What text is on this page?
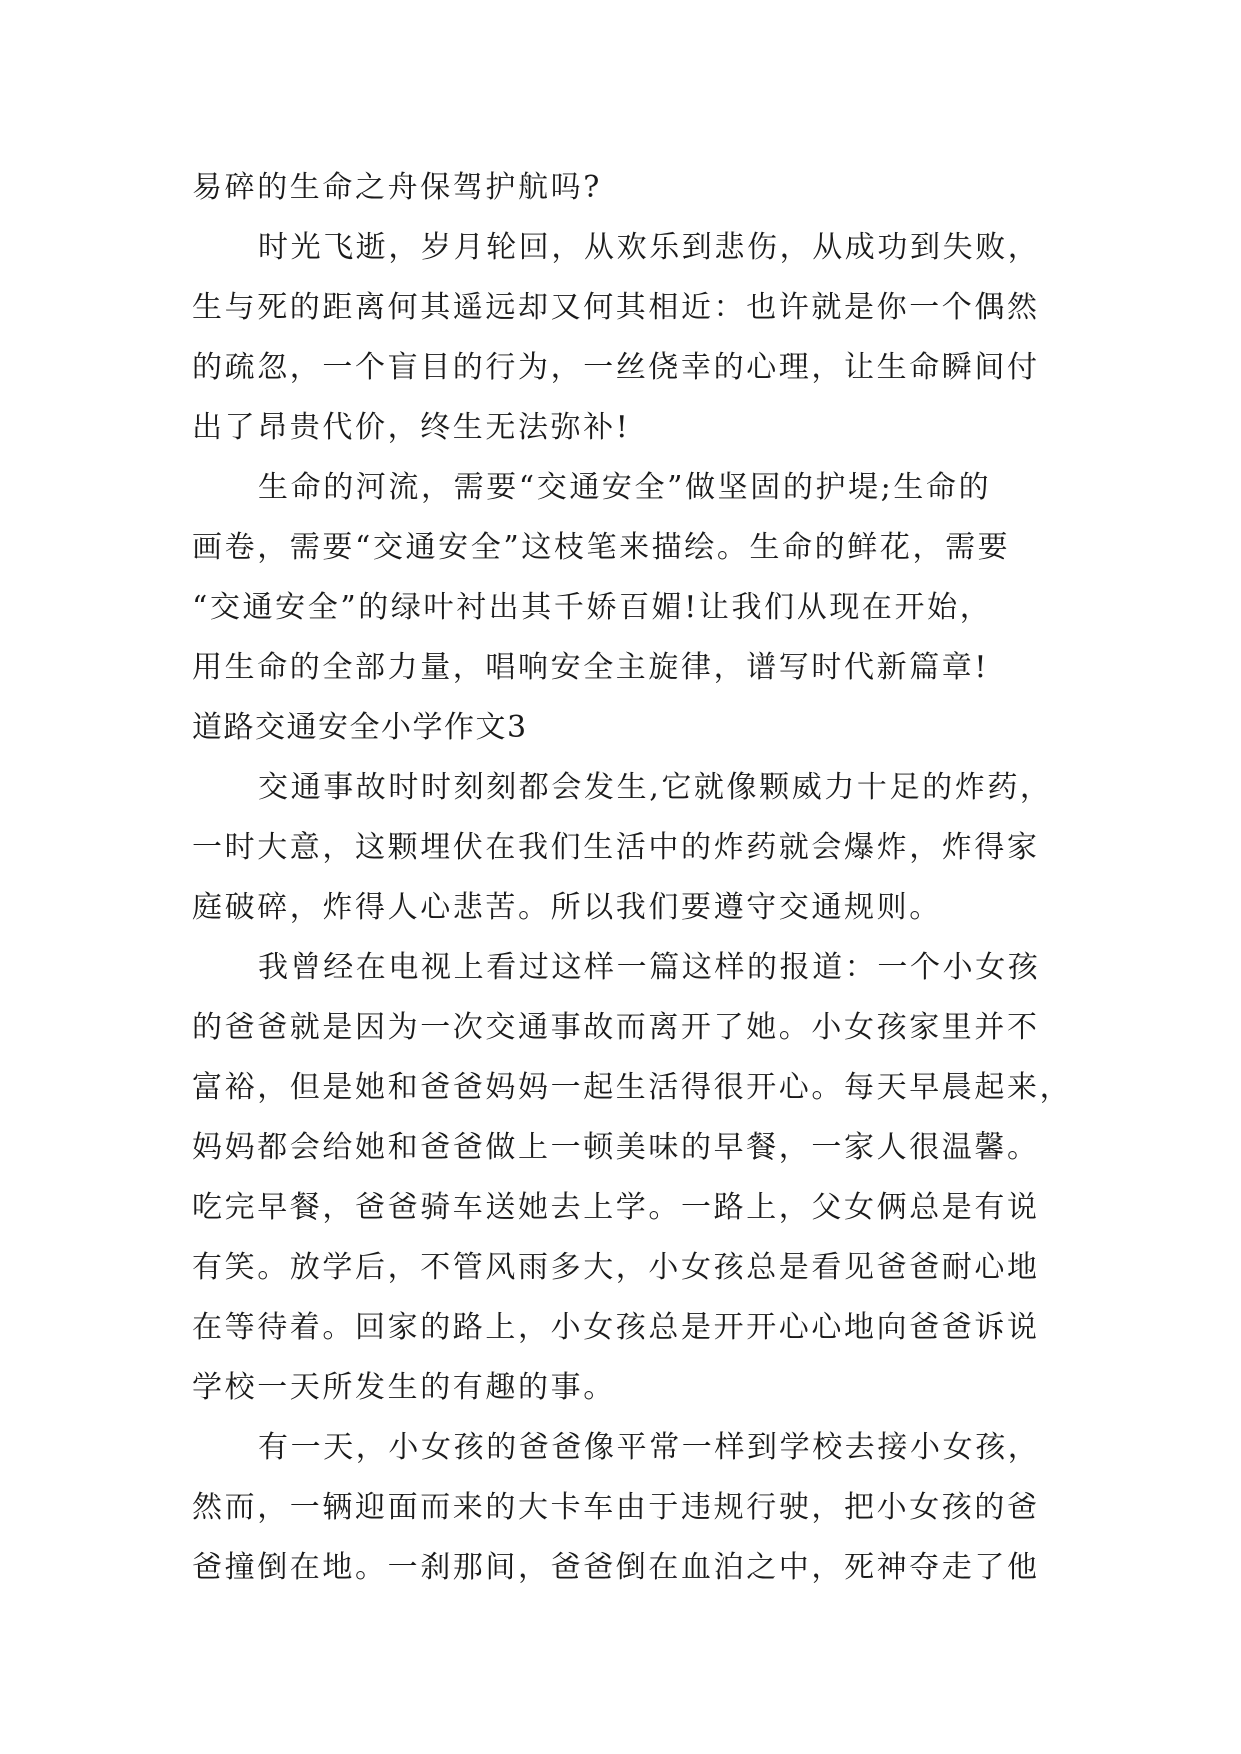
易碎的生命之舟保驾护航吗?
时光飞逝，岁月轮回，从欢乐到悲伤，从成功到失败，
生与死的距离何其遥远却又何其相近：也许就是你一个偶然
的疏忽，一个盲目的行为，一丝侥幸的心理，让生命瞬间付
出了昂贵代价，终生无法弥补!
生命的河流，需要“交通安全”做坚固的护堤;生命的
画卷，需要“交通安全”这枝笔来描绘。生命的鲜花，需要
“交通安全”的绿叶衬出其千娇百媚!让我们从现在开始，
用生命的全部力量，唱响安全主旋律，谱写时代新篇章!
道路交通安全小学作文3
交通事故时时刻刻都会发生,它就像颗威力十足的炸药，
一时大意，这颗埋伏在我们生活中的炸药就会爆炸，炸得家
庭破碎，炸得人心悲苦。所以我们要遵守交通规则。
我曾经在电视上看过这样一篇这样的报道：一个小女孩
的爸爸就是因为一次交通事故而离开了她。小女孩家里并不
富裕，但是她和爸爸妈妈一起生活得很开心。每天早晨起来，
妈妈都会给她和爸爸做上一顿美味的早餐，一家人很温馨。
吃完早餐，爸爸骑车送她去上学。一路上，父女俩总是有说
有笑。放学后，不管风雨多大，小女孩总是看见爸爸耐心地
在等待着。回家的路上，小女孩总是开开心心地向爸爸诉说
学校一天所发生的有趣的事。
有一天，小女孩的爸爸像平常一样到学校去接小女孩，
然而，一辆迎面而来的大卡车由于违规行驶，把小女孩的爸
爸撞倒在地。一刹那间，爸爸倒在血泊之中，死神夺走了他
